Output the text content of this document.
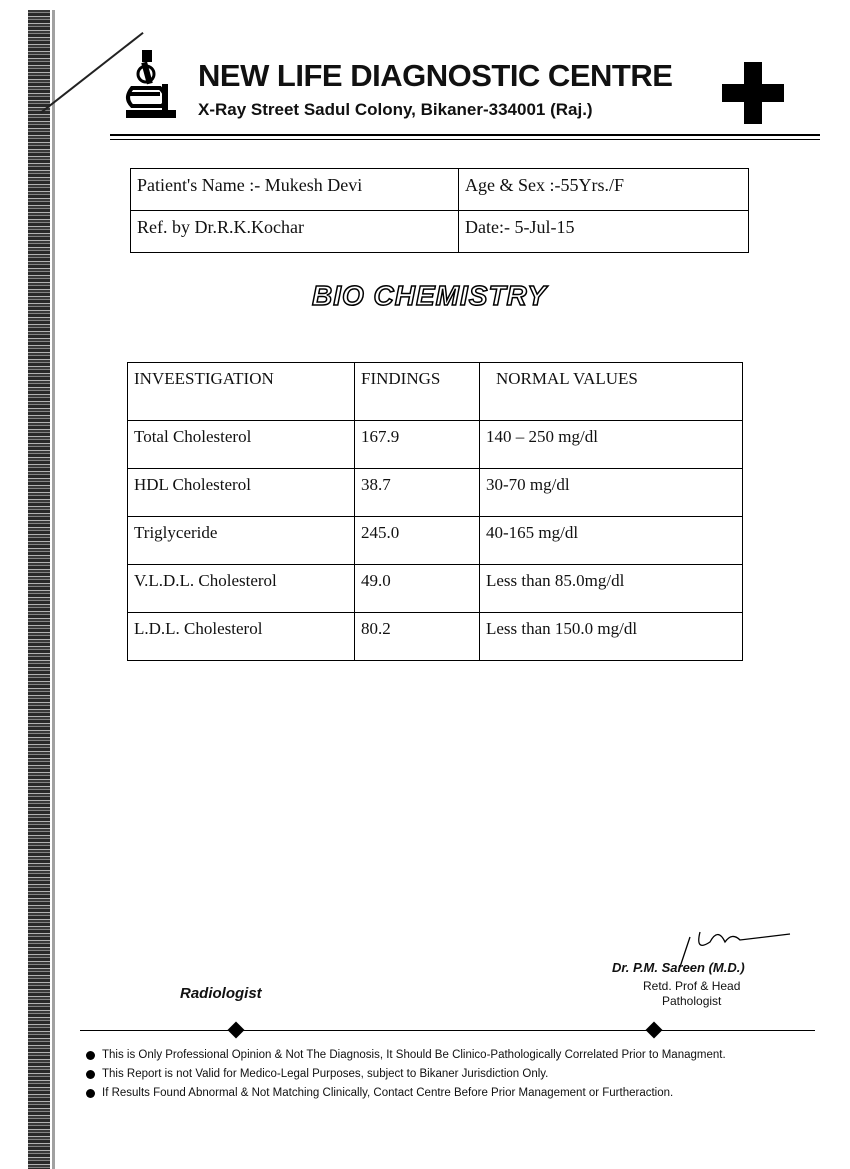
NEW LIFE DIAGNOSTIC CENTRE
X-Ray Street Sadul Colony, Bikaner-334001 (Raj.)
Patient's Name :- Mukesh Devi	Age & Sex :-55Yrs./F
Ref. by Dr.R.K.Kochar	Date:- 5-Jul-15
BIO CHEMISTRY
INVEESTIGATION	FINDINGS	NORMAL VALUES
Total Cholesterol	167.9	140 – 250 mg/dl
HDL Cholesterol	38.7	30-70 mg/dl
Triglyceride	245.0	40-165 mg/dl
V.L.D.L. Cholesterol	49.0	Less than 85.0mg/dl
L.D.L. Cholesterol	80.2	Less than 150.0 mg/dl
Dr. P.M. Sareen (M.D.)
Retd. Prof & Head
Pathologist
Radiologist
This is Only Professional Opinion & Not The Diagnosis, It Should Be Clinico-Pathologically Correlated Prior to Managment.
This Report is not Valid for Medico-Legal Purposes, subject to Bikaner Jurisdiction Only.
If Results Found Abnormal & Not Matching Clinically, Contact Centre Before Prior Management or Furtheraction.
